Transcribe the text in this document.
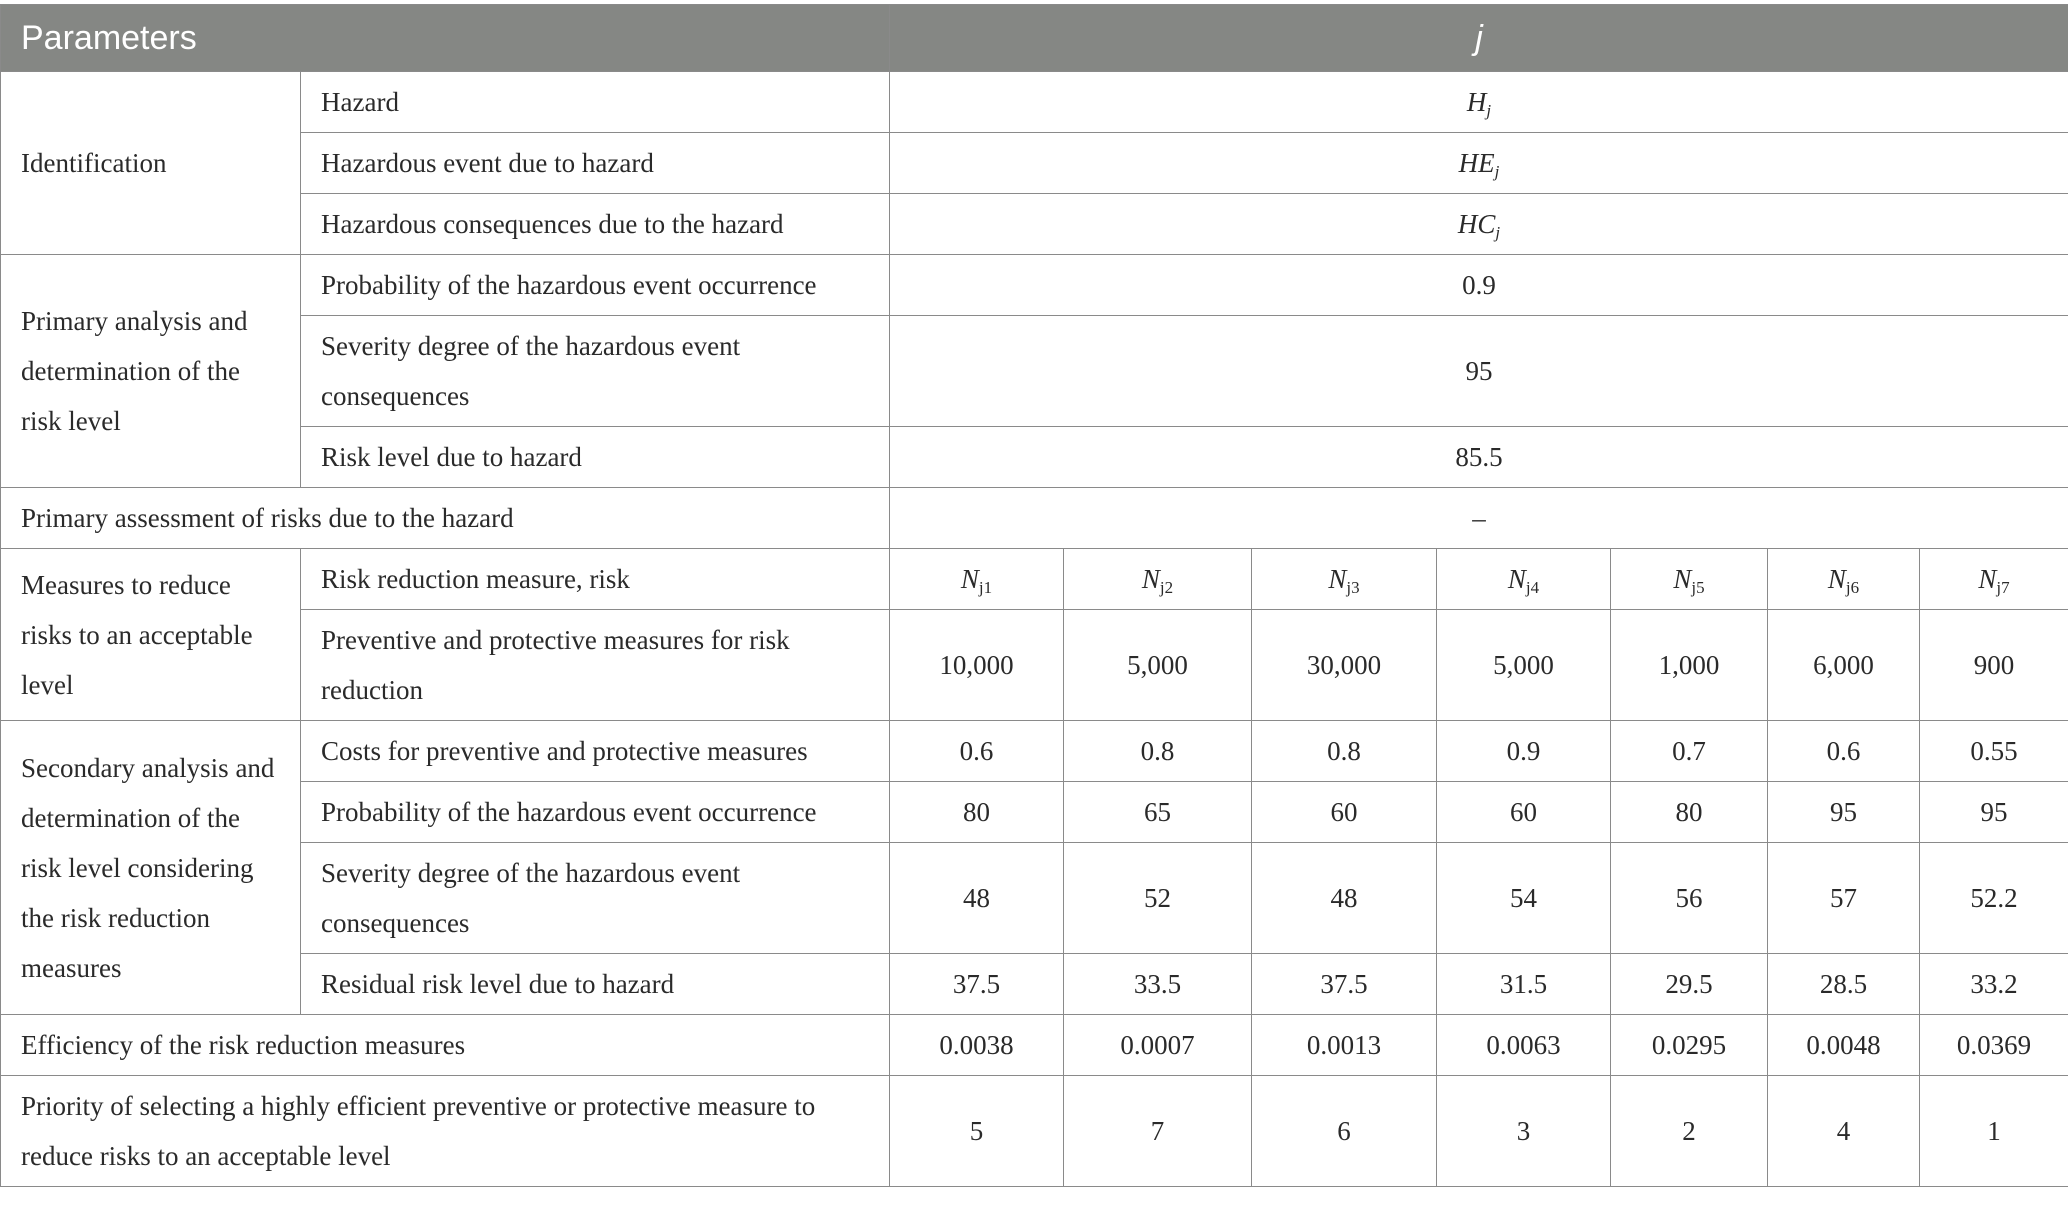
Parameters		j						
Identification	Hazard	$H_j$
	Hazardous event due to hazard	$HE_j$
	Hazardous consequences due to the hazard	$HC_j$
Primary analysis and determination of the risk level	Probability of the hazardous event occurrence	0.9						
	Severity degree of the hazardous event consequences	95						
	Risk level due to hazard	85.5						
Primary assessment of risks due to the hazard		–						
Measures to reduce risks to an acceptable level	Risk reduction measure, risk	$N_{j1}$	$N_{j2}$	$N_{j3}$	$N_{j4}$	$N_{j5}$	$N_{j6}$	$N_{j7}$
	Preventive and protective measures for risk reduction	10,000	5,000	30,000	5,000	1,000	6,000	900
Secondary analysis and determination of the risk level considering the risk reduction measures	Costs for preventive and protective measures	0.6	0.8	0.8	0.9	0.7	0.6	0.55
	Probability of the hazardous event occurrence	80	65	60	60	80	95	95
	Severity degree of the hazardous event consequences	48	52	48	54	56	57	52.2
	Residual risk level due to hazard	37.5	33.5	37.5	31.5	29.5	28.5	33.2
Efficiency of the risk reduction measures		0.0038	0.0007	0.0013	0.0063	0.0295	0.0048	0.0369
Priority of selecting a highly efficient preventive or protective measure to reduce risks to an acceptable level		5	7	6	3	2	4	1
